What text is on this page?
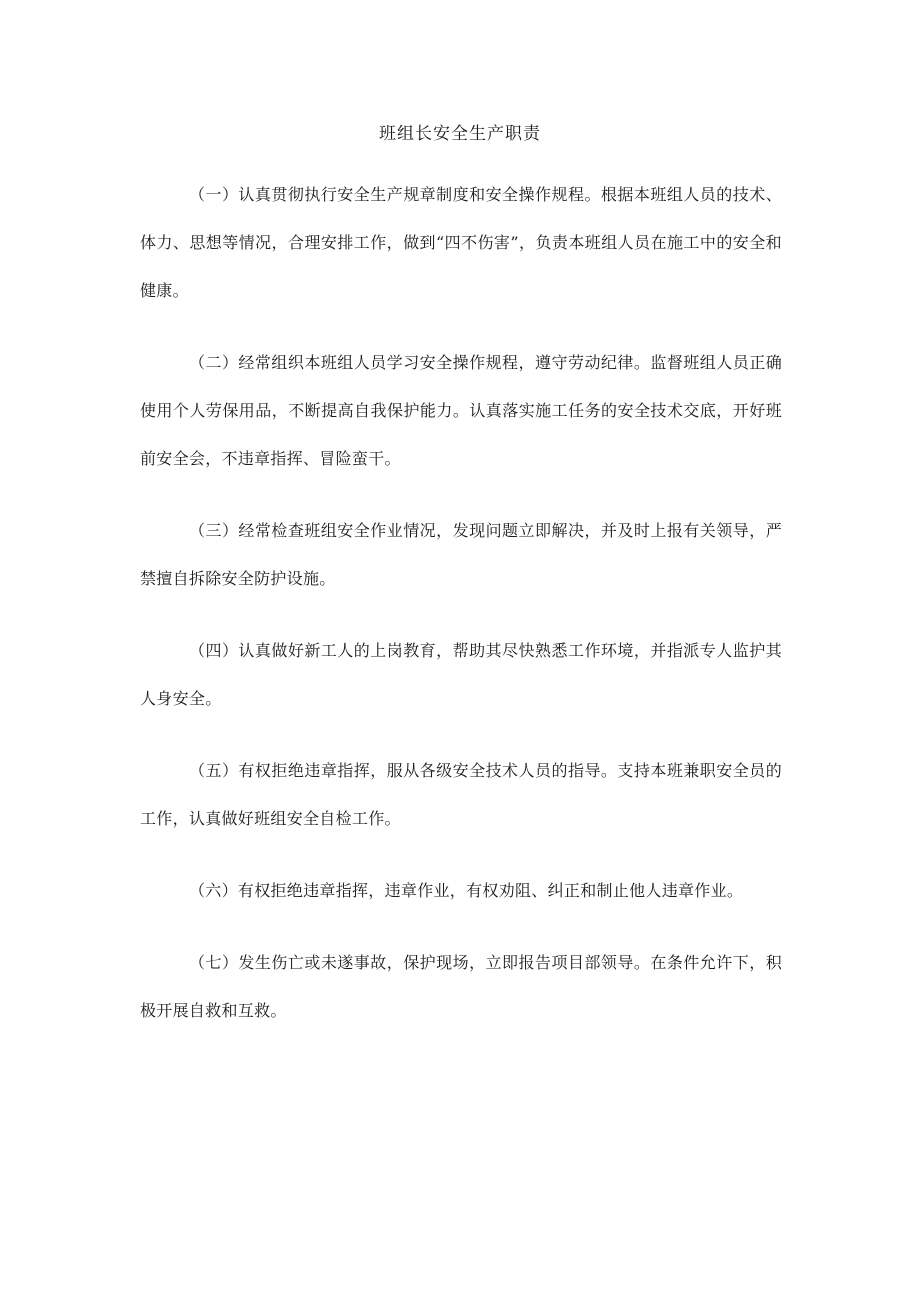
班组长安全生产职责

（一）认真贯彻执行安全生产规章制度和安全操作规程。根据本班组人员的技术、体力、思想等情况，合理安排工作，做到“四不伤害”，负责本班组人员在施工中的安全和健康。

（二）经常组织本班组人员学习安全操作规程，遵守劳动纪律。监督班组人员正确使用个人劳保用品，不断提高自我保护能力。认真落实施工任务的安全技术交底，开好班前安全会，不违章指挥、冒险蛮干。

（三）经常检查班组安全作业情况，发现问题立即解决，并及时上报有关领导，严禁擅自拆除安全防护设施。

（四）认真做好新工人的上岗教育，帮助其尽快熟悉工作环境，并指派专人监护其人身安全。

（五）有权拒绝违章指挥，服从各级安全技术人员的指导。支持本班兼职安全员的工作，认真做好班组安全自检工作。

（六）有权拒绝违章指挥，违章作业，有权劝阻、纠正和制止他人违章作业。

（七）发生伤亡或未遂事故，保护现场，立即报告项目部领导。在条件允许下，积极开展自救和互救。
